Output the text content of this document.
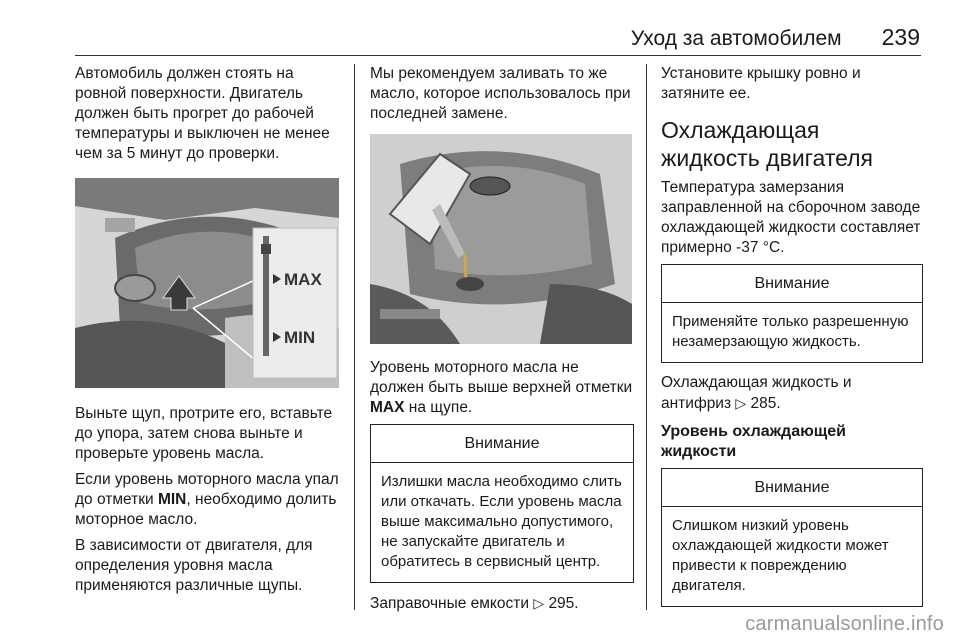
Уход за автомобилем 239

Автомобиль должен стоять на ровной поверхности. Двигатель должен быть прогрет до рабочей температуры и выключен не менее чем за 5 минут до проверки.

MAX
MIN

Выньте щуп, протрите его, вставьте до упора, затем снова выньте и проверьте уровень масла.

Если уровень моторного масла упал до отметки MIN, необходимо долить моторное масло.

В зависимости от двигателя, для определения уровня масла применяются различные щупы.

Мы рекомендуем заливать то же масло, которое использовалось при последней замене.

Уровень моторного масла не должен быть выше верхней отметки MAX на щупе.

Внимание
Излишки масла необходимо слить или откачать. Если уровень масла выше максимально допустимого, не запускайте двигатель и обратитесь в сервисный центр.

Заправочные емкости ▷ 295.

Установите крышку ровно и затяните ее.

Охлаждающая жидкость двигателя

Температура замерзания заправленной на сборочном заводе охлаждающей жидкости составляет примерно -37 °C.

Внимание
Применяйте только разрешенную незамерзающую жидкость.

Охлаждающая жидкость и антифриз ▷ 285.

Уровень охлаждающей жидкости
Внимание
Слишком низкий уровень охлаждающей жидкости может привести к повреждению двигателя.
carmanualsonline.info
